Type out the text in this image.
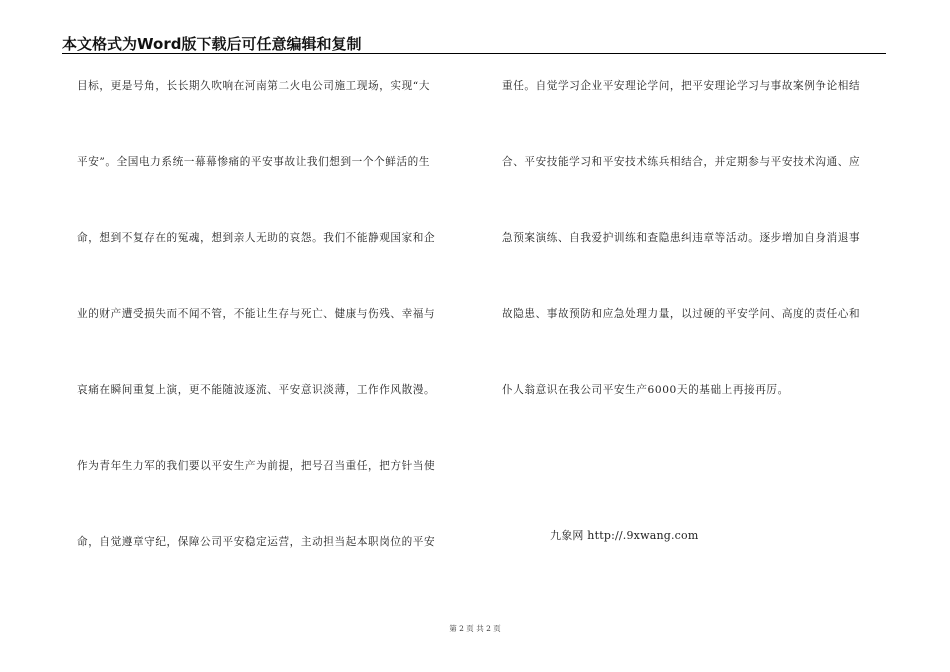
本文格式为Word版下载后可任意编辑和复制
目标，更是号角，长长期久吹响在河南第二火电公司施工现场，实现“大
平安”。全国电力系统一幕幕惨痛的平安事故让我们想到一个个鲜活的生
命，想到不复存在的冤魂，想到亲人无助的哀怨。我们不能静观国家和企
业的财产遭受损失而不闻不管，不能让生存与死亡、健康与伤残、幸福与
哀痛在瞬间重复上演，更不能随波逐流、平安意识淡薄，工作作风散漫。
作为青年生力军的我们要以平安生产为前提，把号召当重任，把方针当使
命，自觉遵章守纪，保障公司平安稳定运营，主动担当起本职岗位的平安
重任。自觉学习企业平安理论学问，把平安理论学习与事故案例争论相结
合、平安技能学习和平安技术练兵相结合，并定期参与平安技术沟通、应
急预案演练、自我爱护训练和查隐患纠违章等活动。逐步增加自身消退事
故隐患、事故预防和应急处理力量，以过硬的平安学问、高度的责任心和
仆人翁意识在我公司平安生产6000天的基础上再接再厉。
九象网 http://.9xwang.com
第 2 页 共 2 页
